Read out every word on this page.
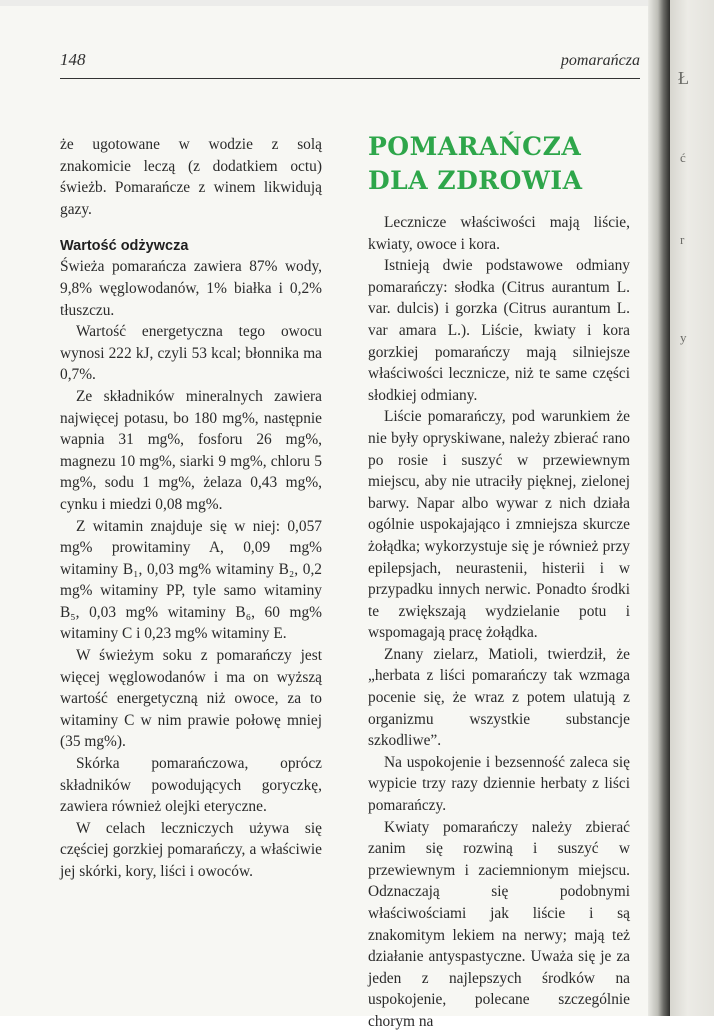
148	pomarańcza

że ugotowane w wodzie z solą znakomicie leczą (z dodatkiem octu) świeżb. Pomarańcze z winem likwidują gazy.

Wartość odżywcza

Świeża pomarańcza zawiera 87% wody, 9,8% węglowodanów, 1% białka i 0,2% tłuszczu.

Wartość energetyczna tego owocu wynosi 222 kJ, czyli 53 kcal; błonnika ma 0,7%.

Ze składników mineralnych zawiera najwięcej potasu, bo 180 mg%, następnie wapnia 31 mg%, fosforu 26 mg%, magnezu 10 mg%, siarki 9 mg%, chloru 5 mg%, sodu 1 mg%, żelaza 0,43 mg%, cynku i miedzi 0,08 mg%.

Z witamin znajduje się w niej: 0,057 mg% prowitaminy A, 0,09 mg% witaminy B₁, 0,03 mg% witaminy B₂, 0,2 mg% witaminy PP, tyle samo witaminy B₅, 0,03 mg% witaminy B₆, 60 mg% witaminy C i 0,23 mg% witaminy E.

W świeżym soku z pomarańczy jest więcej węglowodanów i ma on wyższą wartość energetyczną niż owoce, za to witaminy C w nim prawie połowę mniej (35 mg%).

Skórka pomarańczowa, oprócz składników powodujących goryczkę, zawiera również olejki eteryczne.

W celach leczniczych używa się częściej gorzkiej pomarańczy, a właściwie jej skórki, kory, liści i owoców.

POMARAŃCZA
DLA ZDROWIA

Lecznicze właściwości mają liście, kwiaty, owoce i kora.

Istnieją dwie podstawowe odmiany pomarańczy: słodka (Citrus aurantum L. var. dulcis) i gorzka (Citrus aurantum L. var amara L.). Liście, kwiaty i kora gorzkiej pomarańczy mają silniejsze właściwości lecznicze, niż te same części słodkiej odmiany.

Liście pomarańczy, pod warunkiem że nie były opryskiwane, należy zbierać rano po rosie i suszyć w przewiewnym miejscu, aby nie utraciły pięknej, zielonej barwy. Napar albo wywar z nich działa ogólnie uspokajająco i zmniejsza skurcze żołądka; wykorzystuje się je również przy epilepsjach, neurastenii, histerii i w przypadku innych nerwic. Ponadto środki te zwiększają wydzielanie potu i wspomagają pracę żołądka.

Znany zielarz, Matioli, twierdził, że „herbata z liści pomarańczy tak wzmaga pocenie się, że wraz z potem ulatują z organizmu wszystkie substancje szkodliwe”.

Na uspokojenie i bezsenność zaleca się wypicie trzy razy dziennie herbaty z liści pomarańczy.

Kwiaty pomarańczy należy zbierać zanim się rozwiną i suszyć w przewiewnym i zaciemnionym miejscu. Odznaczają się podobnymi właściwościami jak liście i są znakomitym lekiem na nerwy; mają też działanie antyspastyczne. Uważa się je za jeden z najlepszych środków na uspokojenie, polecane szczególnie chorym na

Ł
ć
r
y
